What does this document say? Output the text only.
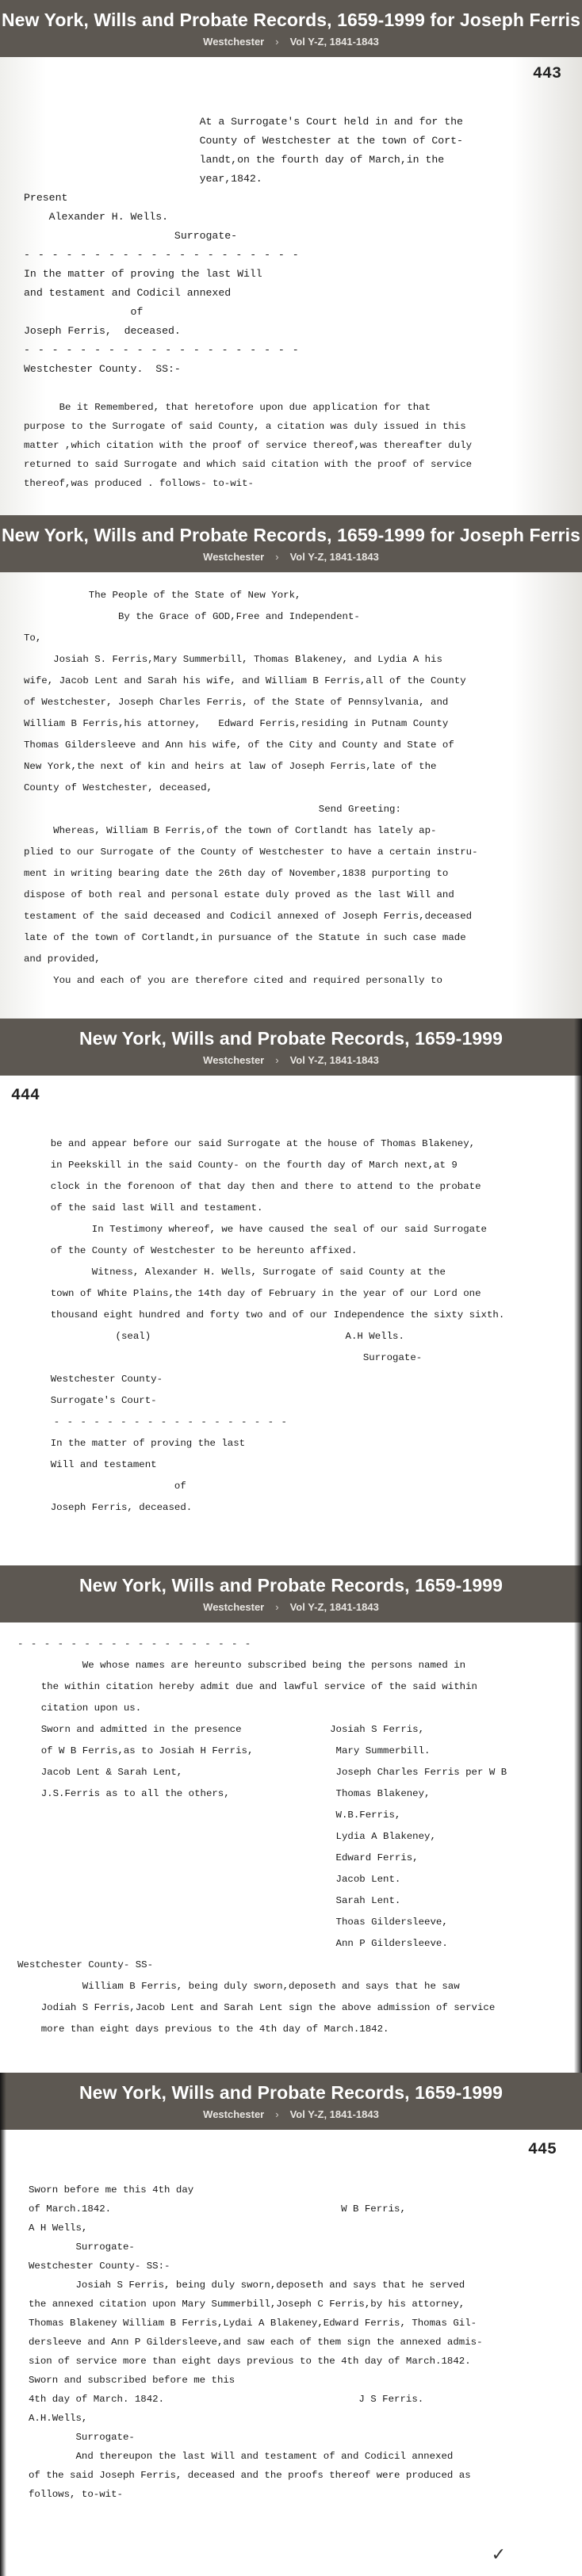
New York, Wills and Probate Records, 1659-1999 for Joseph Ferris
Westchester › Vol Y-Z, 1841-1843
443
At a Surrogate's Court held in and for the
County of Westchester at the town of Cort-
landt,on the fourth day of March,in the
year,1842.
Present
Alexander H. Wells.
Surrogate-
- - - - - - - - - - - - - - - - - - - -
In the matter of proving the last Will
and testament and Codicil annexed
of
Joseph Ferris,  deceased.
- - - - - - - - - - - - - - - - - - - -
Westchester County.  SS:-
Be it Remembered, that heretofore upon due application for that
purpose to the Surrogate of said County, a citation was duly issued in this
matter ,which citation with the proof of service thereof,was thereafter duly
returned to said Surrogate and which said citation with the proof of service
thereof,was produced . follows- to-wit-
New York, Wills and Probate Records, 1659-1999 for Joseph Ferris
Westchester › Vol Y-Z, 1841-1843
The People of the State of New York,
By the Grace of GOD,Free and Independent-
To,
Josiah S. Ferris,Mary Summerbill, Thomas Blakeney, and Lydia A his
wife, Jacob Lent and Sarah his wife, and William B Ferris,all of the County
of Westchester, Joseph Charles Ferris, of the State of Pennsylvania, and
William B Ferris,his attorney,   Edward Ferris,residing in Putnam County
Thomas Gildersleeve and Ann his wife, of the City and County and State of
New York,the next of kin and heirs at law of Joseph Ferris,late of the
County of Westchester, deceased,
Send Greeting:
Whereas, William B Ferris,of the town of Cortlandt has lately ap-
plied to our Surrogate of the County of Westchester to have a certain instru-
ment in writing bearing date the 26th day of November,1838 purporting to
dispose of both real and personal estate duly proved as the last Will and
testament of the said deceased and Codicil annexed of Joseph Ferris,deceased
late of the town of Cortlandt,in pursuance of the Statute in such case made
and provided,
You and each of you are therefore cited and required personally to
New York, Wills and Probate Records, 1659-1999
Westchester › Vol Y-Z, 1841-1843
444
be and appear before our said Surrogate at the house of Thomas Blakeney,
in Peekskill in the said County- on the fourth day of March next,at 9
clock in the forenoon of that day then and there to attend to the probate
of the said last Will and testament.
In Testimony whereof, we have caused the seal of our said Surrogate
of the County of Westchester to be hereunto affixed.
Witness, Alexander H. Wells, Surrogate of said County at the
town of White Plains,the 14th day of February in the year of our Lord one
thousand eight hundred and forty two and of our Independence the sixty sixth.
(seal)                                 A.H Wells.
Surrogate-
Westchester County-
Surrogate's Court-
- - - - - - - - - - - - - - - - - -
In the matter of proving the last
Will and testament
of
Joseph Ferris, deceased.
New York, Wills and Probate Records, 1659-1999
Westchester › Vol Y-Z, 1841-1843
- - - - - - - - - - - - - - - - - -
We whose names are hereunto subscribed being the persons named in
the within citation hereby admit due and lawful service of the said within
citation upon us.
Sworn and admitted in the presence               Josiah S Ferris,
of W B Ferris,as to Josiah H Ferris,              Mary Summerbill.
Jacob Lent & Sarah Lent,                          Joseph Charles Ferris per W B
J.S.Ferris as to all the others,                  Thomas Blakeney,
W.B.Ferris,
Lydia A Blakeney,
Edward Ferris,
Jacob Lent.
Sarah Lent.
Thoas Gildersleeve,
Ann P Gildersleeve.
Westchester County- SS-
William B Ferris, being duly sworn,deposeth and says that he saw
Jodiah S Ferris,Jacob Lent and Sarah Lent sign the above admission of service
more than eight days previous to the 4th day of March.1842.
New York, Wills and Probate Records, 1659-1999
Westchester › Vol Y-Z, 1841-1843
445
Sworn before me this 4th day
of March.1842.                                       W B Ferris,
A H Wells,
Surrogate-
Westchester County- SS:-
Josiah S Ferris, being duly sworn,deposeth and says that he served
the annexed citation upon Mary Summerbill,Joseph C Ferris,by his attorney,
Thomas Blakeney William B Ferris,Lydai A Blakeney,Edward Ferris, Thomas Gil-
dersleeve and Ann P Gildersleeve,and saw each of them sign the annexed admis-
sion of service more than eight days previous to the 4th day of March.1842.
Sworn and subscribed before me this
4th day of March. 1842.                                 J S Ferris.
A.H.Wells,
Surrogate-
And thereupon the last Will and testament of and Codicil annexed
of the said Joseph Ferris, deceased and the proofs thereof were produced as
follows, to-wit-
✓
